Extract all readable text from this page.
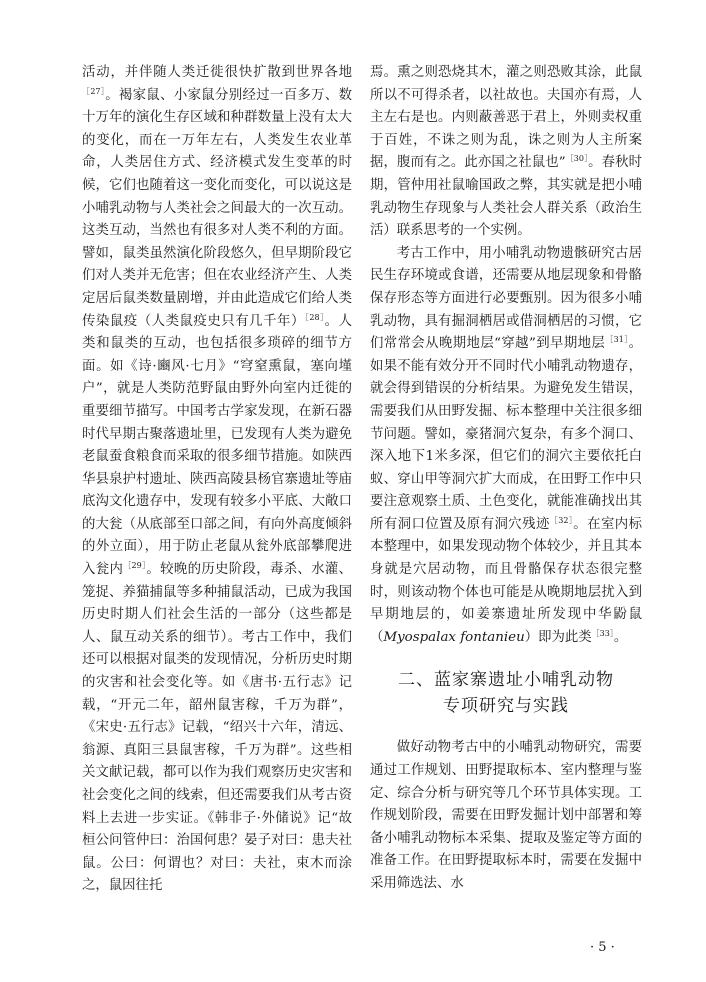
活动，并伴随人类迁徙很快扩散到世界各地$^{[27]}$。褐家鼠、小家鼠分别经过一百多万、数十万年的演化生存区域和种群数量上没有太大的变化，而在一万年左右，人类发生农业革命，人类居住方式、经济模式发生变革的时候，它们也随着这一变化而变化，可以说这是小哺乳动物与人类社会之间最大的一次互动。这类互动，当然也有很多对人类不利的方面。譬如，鼠类虽然演化阶段悠久，但早期阶段它们对人类并无危害；但在农业经济产生、人类定居后鼠类数量剧增，并由此造成它们给人类传染鼠疫（人类鼠疫史只有几千年）$^{[28]}$。人类和鼠类的互动，也包括很多琐碎的细节方面。如《诗·豳风·七月》“穹窒熏鼠，塞向墐户”，就是人类防范野鼠由野外向室内迁徙的重要细节描写。中国考古学家发现，在新石器时代早期古聚落遗址里，已发现有人类为避免老鼠蚕食粮食而采取的很多细节措施。如陕西华县泉护村遗址、陕西高陵县杨官寨遗址等庙底沟文化遗存中，发现有较多小平底、大敞口的大瓮（从底部至口部之间，有向外高度倾斜的外立面），用于防止老鼠从瓮外底部攀爬进入瓮内$^{[29]}$。较晚的历史阶段，毒杀、水灌、笼捉、养猫捕鼠等多种捕鼠活动，已成为我国历史时期人们社会生活的一部分（这些都是人、鼠互动关系的细节）。考古工作中，我们还可以根据对鼠类的发现情况，分析历史时期的灾害和社会变化等。如《唐书·五行志》记载，“开元二年，韶州鼠害稼，千万为群”，《宋史·五行志》记载，“绍兴十六年，清远、翁源、真阳三县鼠害稼，千万为群”。这些相关文献记载，都可以作为我们观察历史灾害和社会变化之间的线索，但还需要我们从考古资料上去进一步实证。《韩非子·外储说》记“故桓公问管仲曰：治国何患？晏子对曰：患夫社鼠。公曰：何谓也？对曰：夫社，束木而涂之，鼠因往托

焉。熏之则恐烧其木，灌之则恐败其涂，此鼠所以不可得杀者，以社故也。夫国亦有焉，人主左右是也。内则蔽善恶于君上，外则卖权重于百姓，不诛之则为乱，诛之则为人主所案据，腹而有之。此亦国之社鼠也”$^{[30]}$。春秋时期，管仲用社鼠喻国政之弊，其实就是把小哺乳动物生存现象与人类社会人群关系（政治生活）联系思考的一个实例。

考古工作中，用小哺乳动物遗骸研究古居民生存环境或食谱，还需要从地层现象和骨骼保存形态等方面进行必要甄别。因为很多小哺乳动物，具有掘洞栖居或借洞栖居的习惯，它们常常会从晚期地层“穿越”到早期地层$^{[31]}$。如果不能有效分开不同时代小哺乳动物遗存，就会得到错误的分析结果。为避免发生错误，需要我们从田野发掘、标本整理中关注很多细节问题。譬如，豪猪洞穴复杂，有多个洞口、深入地下1米多深，但它们的洞穴主要依托白蚁、穿山甲等洞穴扩大而成，在田野工作中只要注意观察土质、土色变化，就能准确找出其所有洞口位置及原有洞穴残迹$^{[32]}$。在室内标本整理中，如果发现动物个体较少，并且其本身就是穴居动物，而且骨骼保存状态很完整时，则该动物个体也可能是从晚期地层扰入到早期地层的，如姜寨遗址所发现中华鼢鼠（Myospalax fontanieu）即为此类$^{[33]}$。

二、蓝家寨遗址小哺乳动物
专项研究与实践

做好动物考古中的小哺乳动物研究，需要通过工作规划、田野提取标本、室内整理与鉴定、综合分析与研究等几个环节具体实现。工作规划阶段，需要在田野发掘计划中部署和筹备小哺乳动物标本采集、提取及鉴定等方面的准备工作。在田野提取标本时，需要在发掘中采用筛选法、水

· 5 ·
